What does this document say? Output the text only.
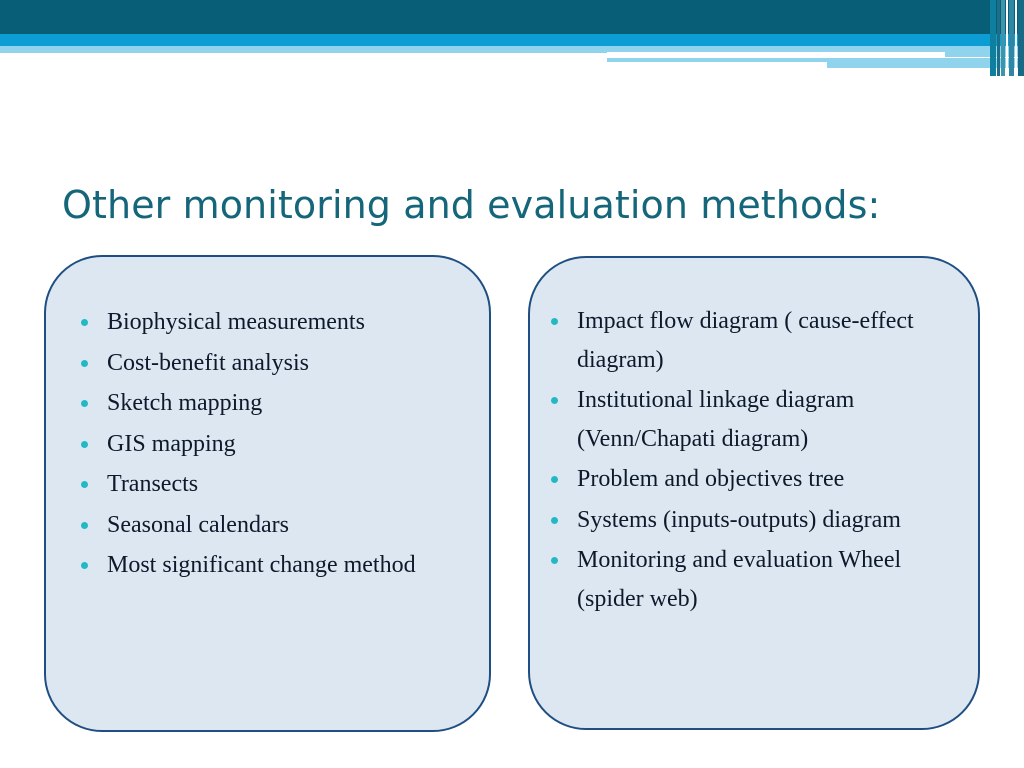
Other monitoring and evaluation methods:
Biophysical measurements
Cost-benefit analysis
Sketch mapping
GIS mapping
Transects
Seasonal calendars
Most significant change method
Impact flow diagram ( cause-effect diagram)
Institutional linkage diagram (Venn/Chapati diagram)
Problem and objectives tree
Systems (inputs-outputs) diagram
Monitoring and evaluation Wheel (spider web)
